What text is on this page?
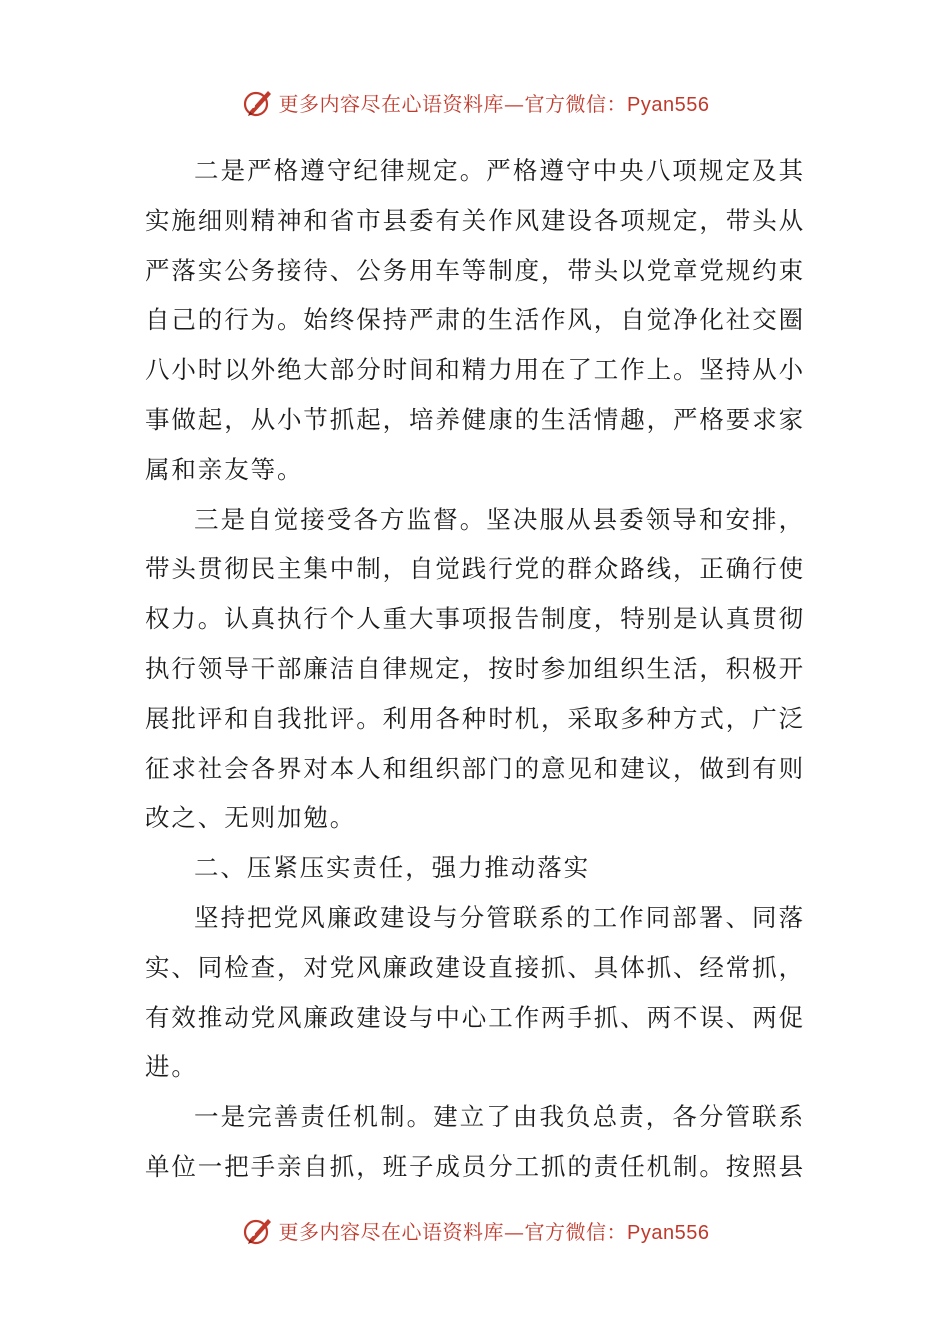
更多内容尽在心语资料库—官方微信：Pyan556

二是严格遵守纪律规定。严格遵守中央八项规定及其实施细则精神和省市县委有关作风建设各项规定，带头从严落实公务接待、公务用车等制度，带头以党章党规约束自己的行为。始终保持严肃的生活作风，自觉净化社交圈八小时以外绝大部分时间和精力用在了工作上。坚持从小事做起，从小节抓起，培养健康的生活情趣，严格要求家属和亲友等。

三是自觉接受各方监督。坚决服从县委领导和安排，带头贯彻民主集中制，自觉践行党的群众路线，正确行使权力。认真执行个人重大事项报告制度，特别是认真贯彻执行领导干部廉洁自律规定，按时参加组织生活，积极开展批评和自我批评。利用各种时机，采取多种方式，广泛征求社会各界对本人和组织部门的意见和建议，做到有则改之、无则加勉。

二、压紧压实责任，强力推动落实

坚持把党风廉政建设与分管联系的工作同部署、同落实、同检查，对党风廉政建设直接抓、具体抓、经常抓，有效推动党风廉政建设与中心工作两手抓、两不误、两促进。

一是完善责任机制。建立了由我负总责，各分管联系单位一把手亲自抓，班子成员分工抓的责任机制。按照县

更多内容尽在心语资料库—官方微信：Pyan556
